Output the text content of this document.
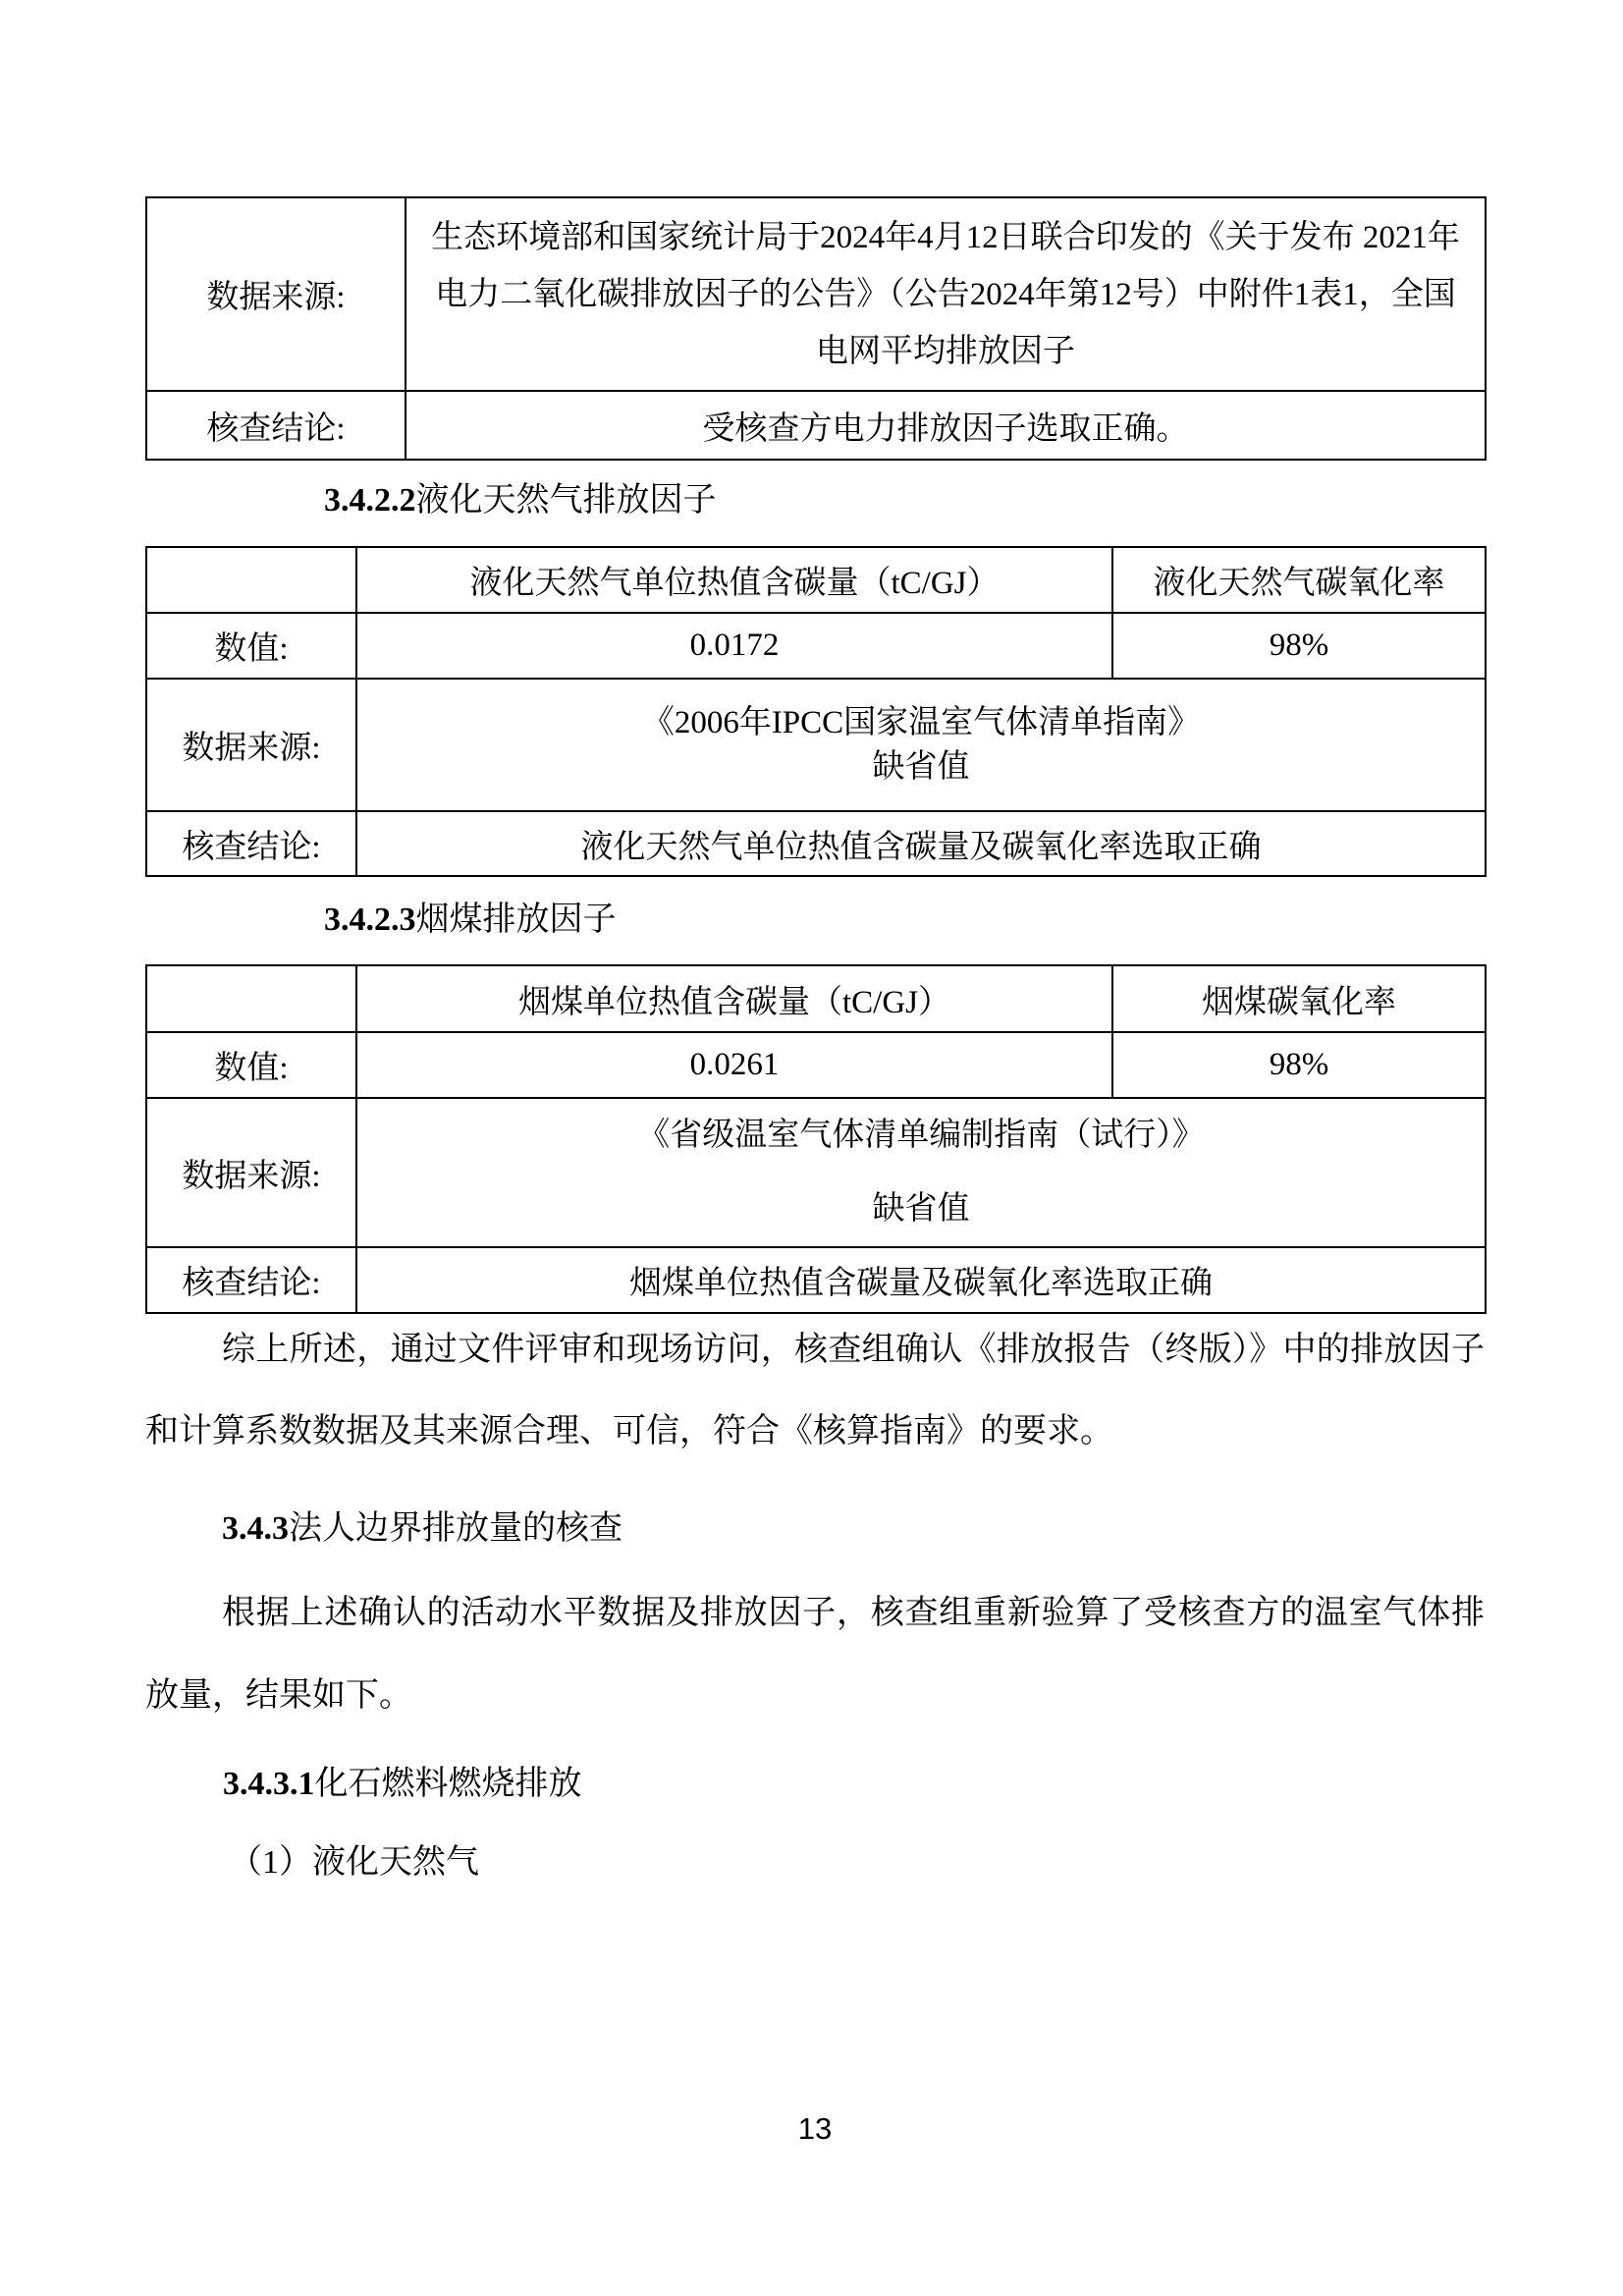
数据来源:	生态环境部和国家统计局于2024年4月12日联合印发的《关于发布 2021年
电力二氧化碳排放因子的公告》（公告2024年第12号）中附件1表1，全国
电网平均排放因子

核查结论:	受核查方电力排放因子选取正确。
3.4.2.2液化天然气排放因子
	液化天然气单位热值含碳量（tC/GJ）	液化天然气碳氧化率
数值:	0.0172	98%
数据来源:	《2006年IPCC国家温室气体清单指南》
缺省值	

核查结论:	液化天然气单位热值含碳量及碳氧化率选取正确	
3.4.2.3烟煤排放因子
	烟煤单位热值含碳量（tC/GJ）	烟煤碳氧化率
数值:	0.0261	98%
数据来源:	《省级温室气体清单编制指南（试行）》
缺省值	

核查结论:	烟煤单位热值含碳量及碳氧化率选取正确	

综上所述，通过文件评审和现场访问，核查组确认《排放报告（终版）》中的排放因子和计算系数数据及其来源合理、可信，符合《核算指南》的要求。

3.4.3法人边界排放量的核查

根据上述确认的活动水平数据及排放因子，核查组重新验算了受核查方的温室气体排放量，结果如下。

3.4.3.1化石燃料燃烧排放
（1）液化天然气
13
